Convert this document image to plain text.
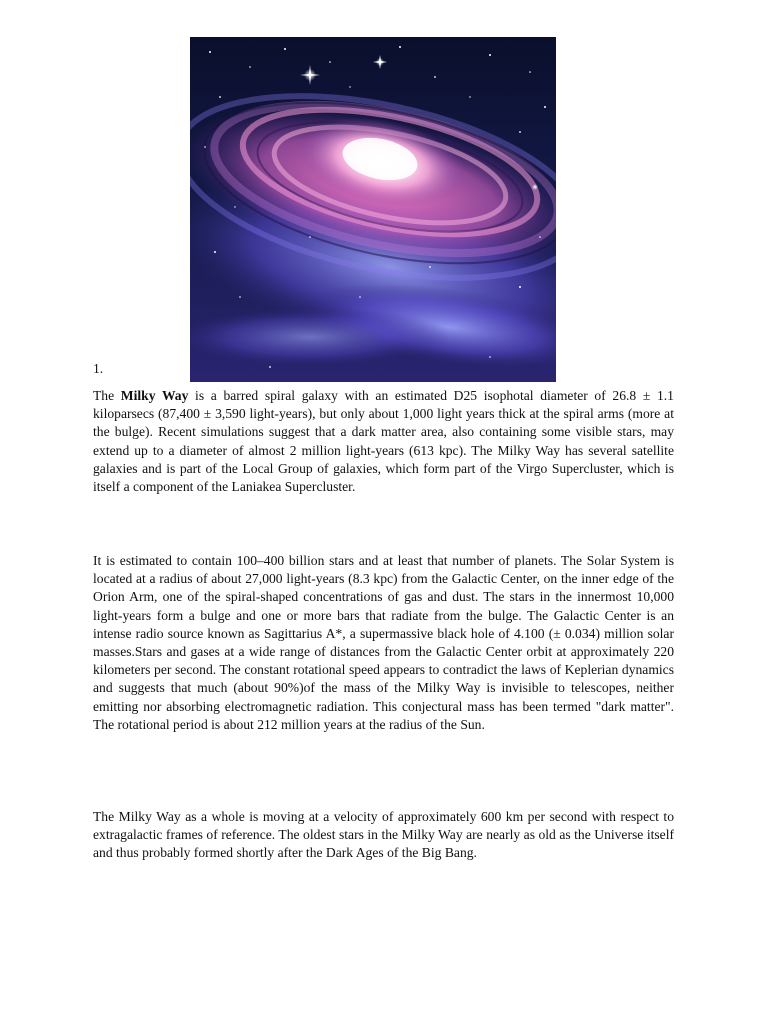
1.

The Milky Way is a barred spiral galaxy with an estimated D25 isophotal diameter of 26.8 ± 1.1 kiloparsecs (87,400 ± 3,590 light-years), but only about 1,000 light years thick at the spiral arms (more at the bulge). Recent simulations suggest that a dark matter area, also containing some visible stars, may extend up to a diameter of almost 2 million light-years (613 kpc). The Milky Way has several satellite galaxies and is part of the Local Group of galaxies, which form part of the Virgo Supercluster, which is itself a component of the Laniakea Supercluster.

It is estimated to contain 100–400 billion stars and at least that number of planets. The Solar System is located at a radius of about 27,000 light-years (8.3 kpc) from the Galactic Center, on the inner edge of the Orion Arm, one of the spiral-shaped concentrations of gas and dust. The stars in the innermost 10,000 light-years form a bulge and one or more bars that radiate from the bulge. The Galactic Center is an intense radio source known as Sagittarius A*, a supermassive black hole of 4.100 (± 0.034) million solar masses.Stars and gases at a wide range of distances from the Galactic Center orbit at approximately 220 kilometers per second. The constant rotational speed appears to contradict the laws of Keplerian dynamics and suggests that much (about 90%)of the mass of the Milky Way is invisible to telescopes, neither emitting nor absorbing electromagnetic radiation. This conjectural mass has been termed "dark matter". The rotational period is about 212 million years at the radius of the Sun.

The Milky Way as a whole is moving at a velocity of approximately 600 km per second with respect to extragalactic frames of reference. The oldest stars in the Milky Way are nearly as old as the Universe itself and thus probably formed shortly after the Dark Ages of the Big Bang.
